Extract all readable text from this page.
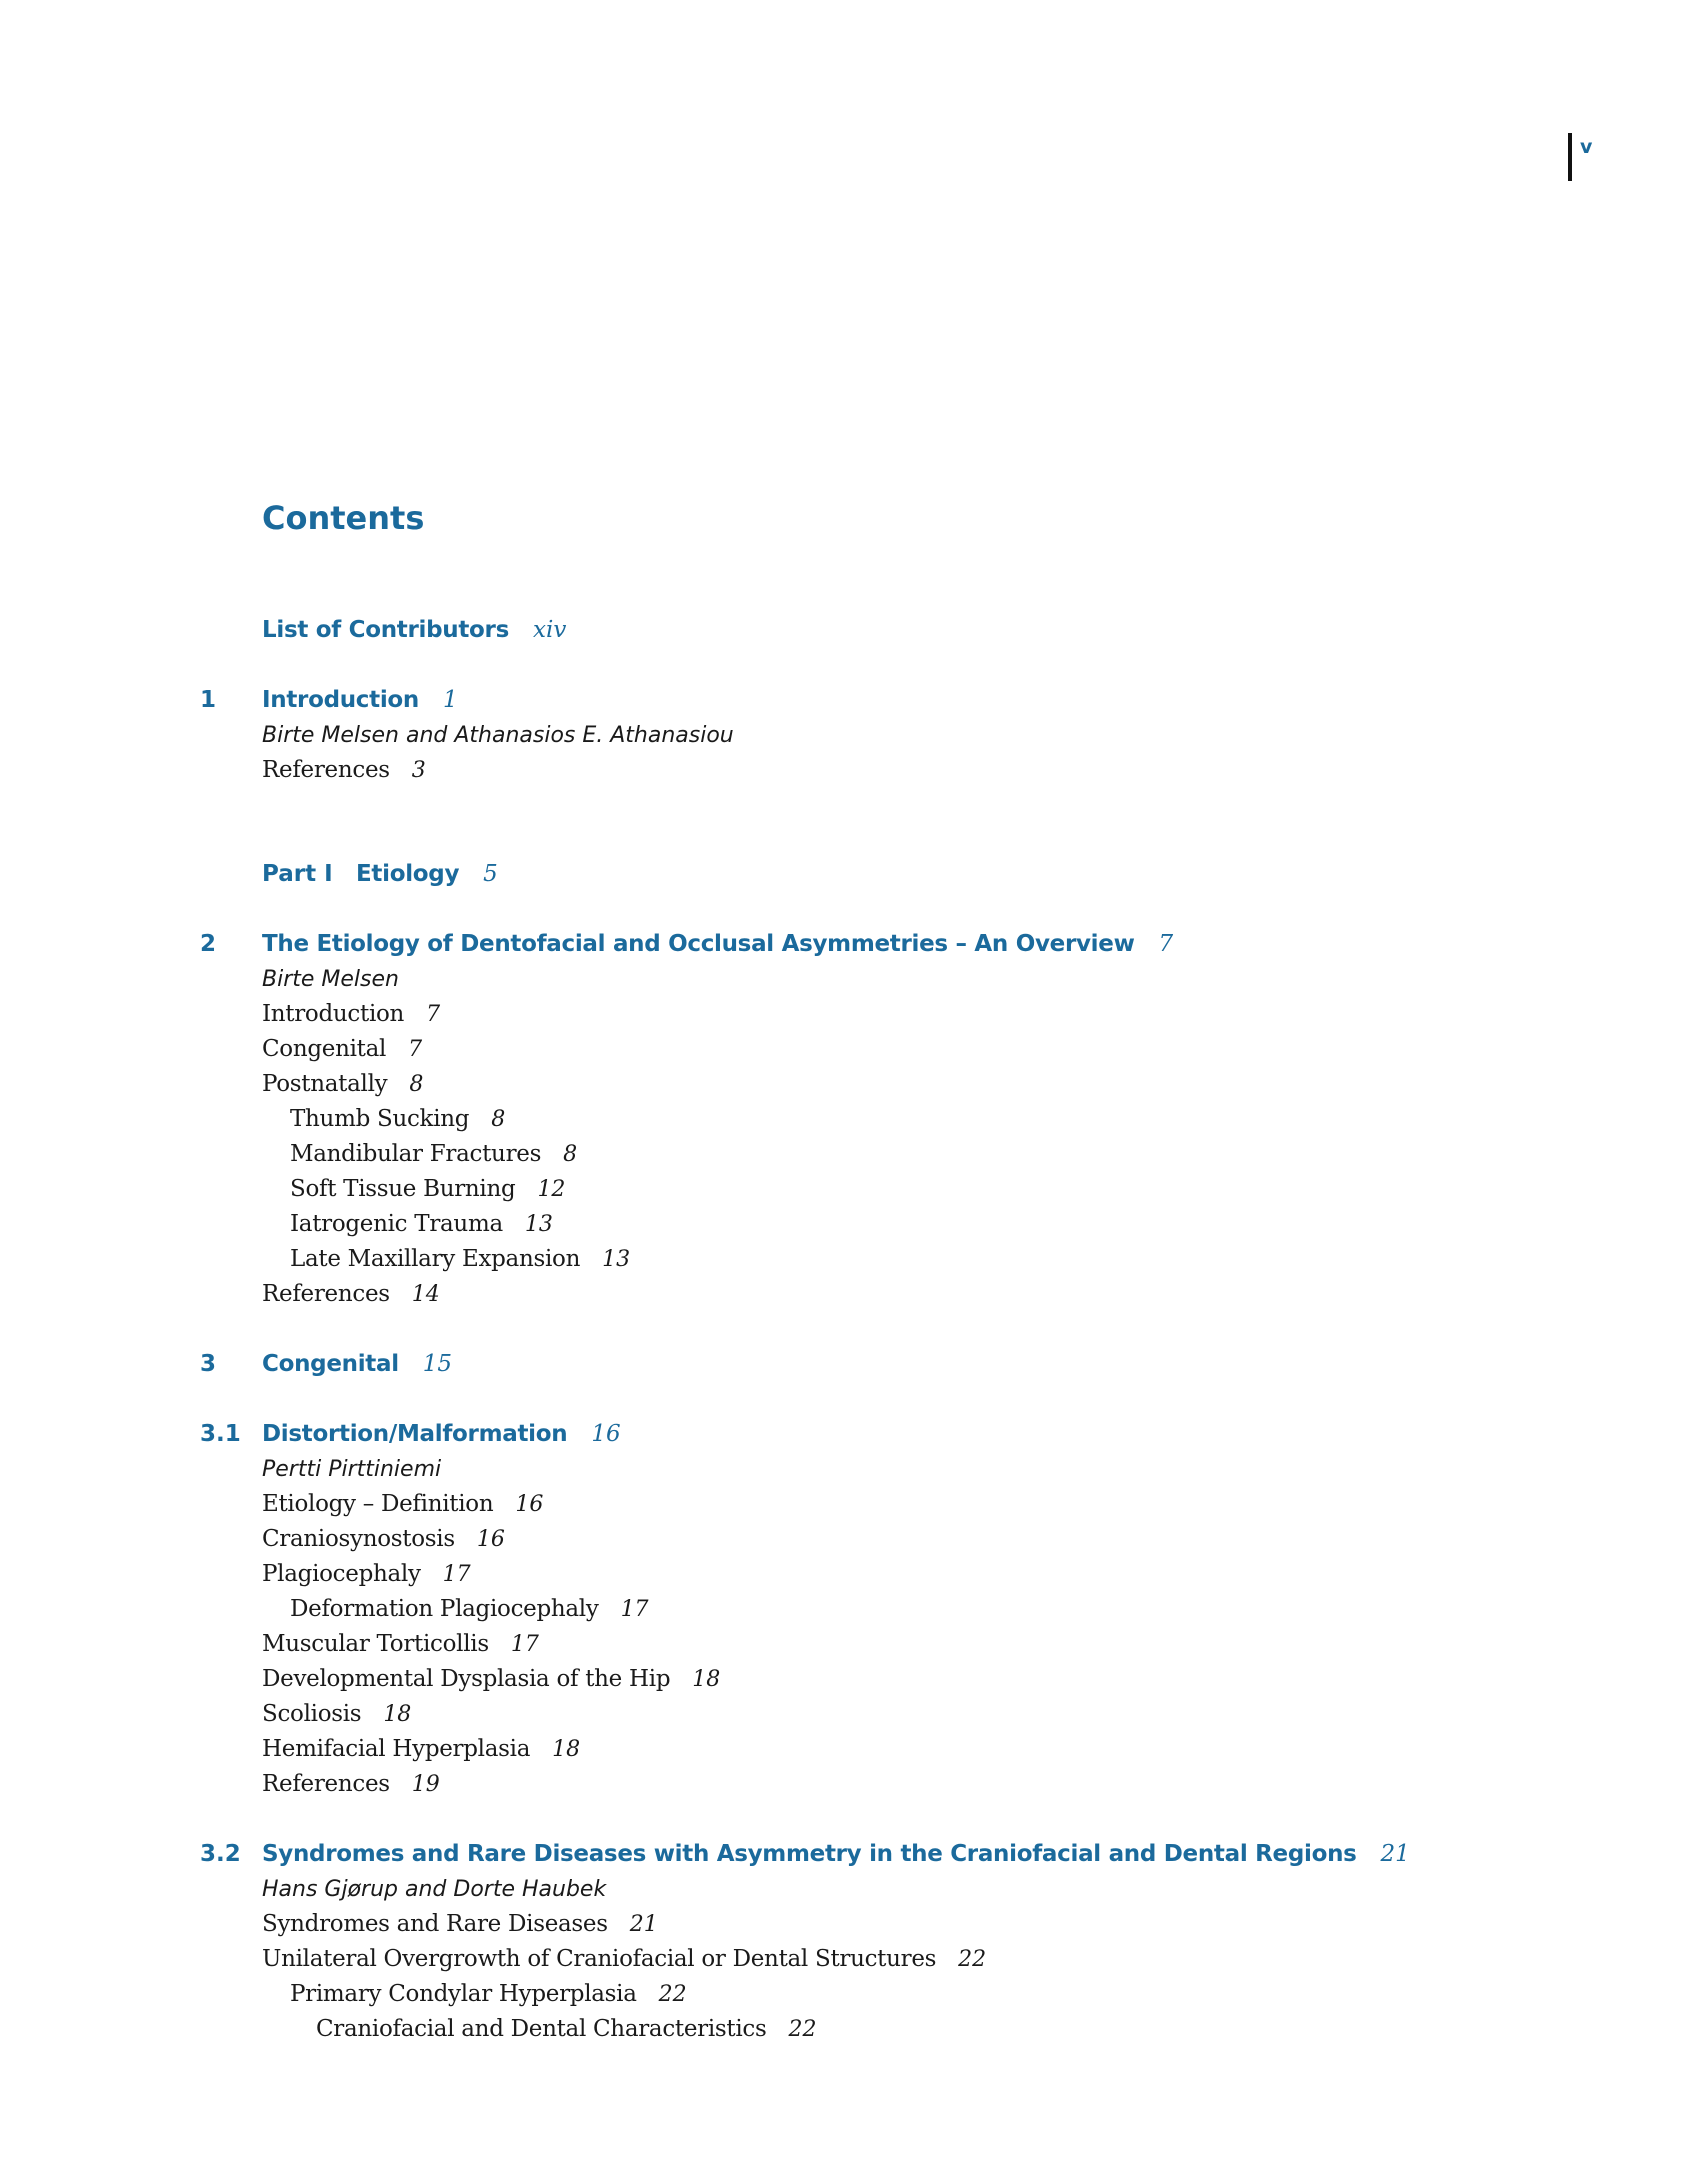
v
Contents
List of Contributors xiv
1 Introduction 1
Birte Melsen and Athanasios E. Athanasiou
References 3
Part I Etiology 5
2 The Etiology of Dentofacial and Occlusal Asymmetries – An Overview 7
Birte Melsen
Introduction 7
Congenital 7
Postnatally 8
Thumb Sucking 8
Mandibular Fractures 8
Soft Tissue Burning 12
Iatrogenic Trauma 13
Late Maxillary Expansion 13
References 14
3 Congenital 15
3.1 Distortion/Malformation 16
Pertti Pirttiniemi
Etiology – Definition 16
Craniosynostosis 16
Plagiocephaly 17
Deformation Plagiocephaly 17
Muscular Torticollis 17
Developmental Dysplasia of the Hip 18
Scoliosis 18
Hemifacial Hyperplasia 18
References 19
3.2 Syndromes and Rare Diseases with Asymmetry in the Craniofacial and Dental Regions 21
Hans Gjørup and Dorte Haubek
Syndromes and Rare Diseases 21
Unilateral Overgrowth of Craniofacial or Dental Structures 22
Primary Condylar Hyperplasia 22
Craniofacial and Dental Characteristics 22
